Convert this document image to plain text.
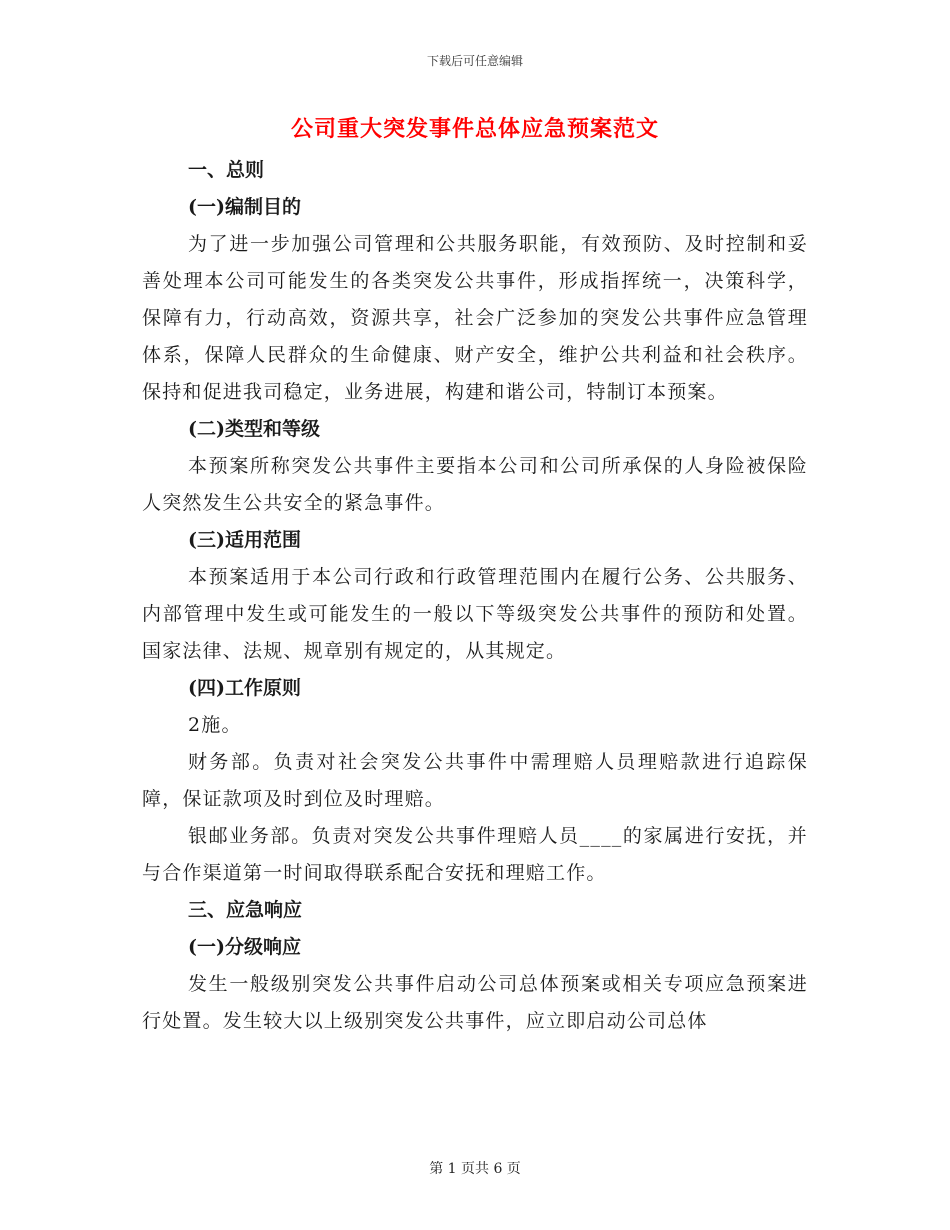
下载后可任意编辑
公司重大突发事件总体应急预案范文
一、总则
(一)编制目的

为了进一步加强公司管理和公共服务职能，有效预防、及时控制和妥善处理本公司可能发生的各类突发公共事件，形成指挥统一，决策科学，保障有力，行动高效，资源共享，社会广泛参加的突发公共事件应急管理体系，保障人民群众的生命健康、财产安全，维护公共利益和社会秩序。保持和促进我司稳定，业务进展，构建和谐公司，特制订本预案。

(二)类型和等级

本预案所称突发公共事件主要指本公司和公司所承保的人身险被保险人突然发生公共安全的紧急事件。

(三)适用范围

本预案适用于本公司行政和行政管理范围内在履行公务、公共服务、内部管理中发生或可能发生的一般以下等级突发公共事件的预防和处置。国家法律、法规、规章别有规定的，从其规定。

(四)工作原则

2施。

财务部。负责对社会突发公共事件中需理赔人员理赔款进行追踪保障，保证款项及时到位及时理赔。

银邮业务部。负责对突发公共事件理赔人员____的家属进行安抚，并与合作渠道第一时间取得联系配合安抚和理赔工作。

三、应急响应
(一)分级响应

发生一般级别突发公共事件启动公司总体预案或相关专项应急预案进行处置。发生较大以上级别突发公共事件，应立即启动公司总体

第 1 页共 6 页
